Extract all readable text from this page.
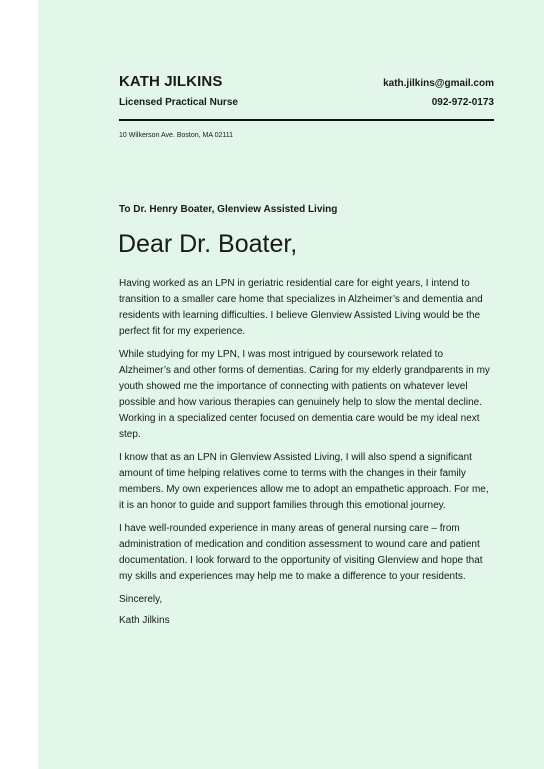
KATH JILKINS
Licensed Practical Nurse
kath.jilkins@gmail.com
092-972-0173
10 Wilkerson Ave. Boston, MA 02111
To Dr. Henry Boater, Glenview Assisted Living
Dear Dr. Boater,

Having worked as an LPN in geriatric residential care for eight years, I intend to transition to a smaller care home that specializes in Alzheimer’s and dementia and residents with learning difficulties. I believe Glenview Assisted Living would be the perfect fit for my experience.

While studying for my LPN, I was most intrigued by coursework related to Alzheimer’s and other forms of dementias. Caring for my elderly grandparents in my youth showed me the importance of connecting with patients on whatever level possible and how various therapies can genuinely help to slow the mental decline. Working in a specialized center focused on dementia care would be my ideal next step.

I know that as an LPN in Glenview Assisted Living, I will also spend a significant amount of time helping relatives come to terms with the changes in their family members. My own experiences allow me to adopt an empathetic approach. For me, it is an honor to guide and support families through this emotional journey.

I have well-rounded experience in many areas of general nursing care – from administration of medication and condition assessment to wound care and patient documentation. I look forward to the opportunity of visiting Glenview and hope that my skills and experiences may help me to make a difference to your residents.

Sincerely,

Kath Jilkins
